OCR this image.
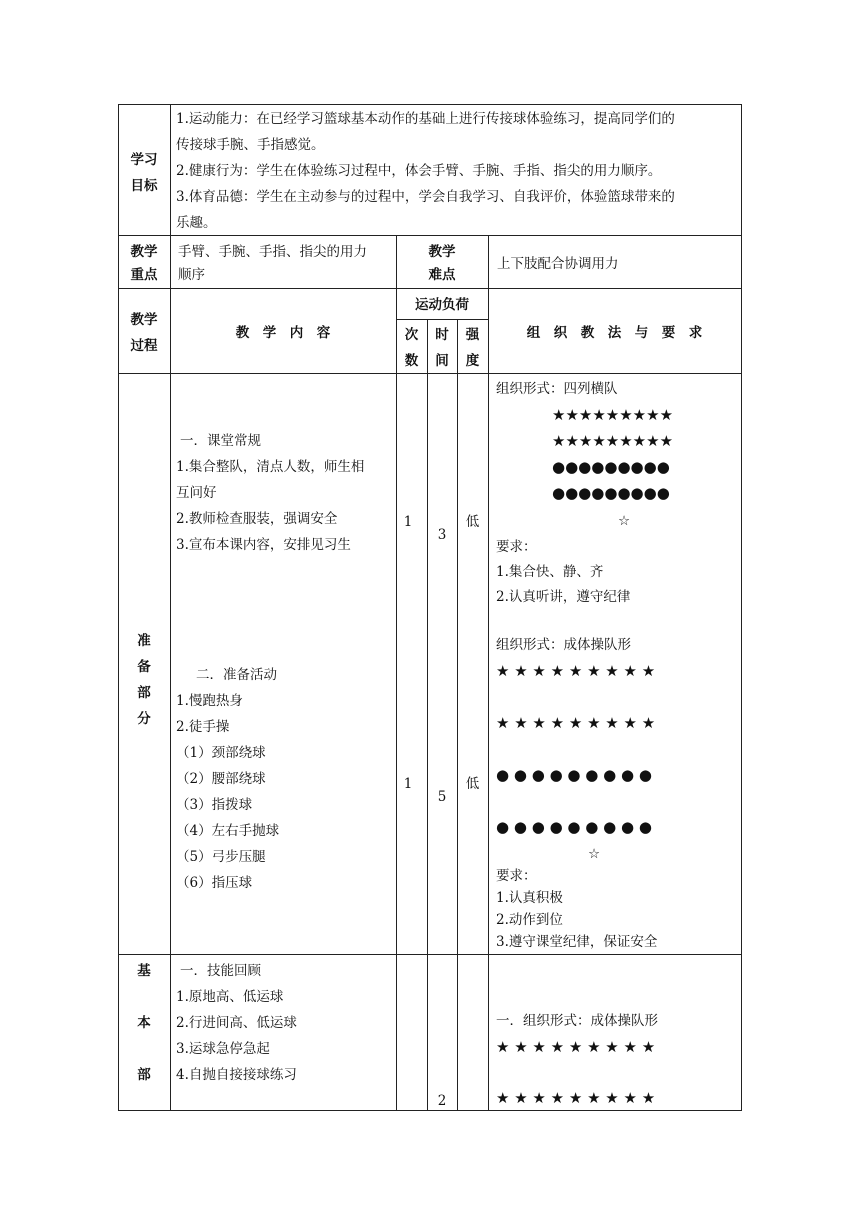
学习
目标
1.运动能力：在已经学习篮球基本动作的基础上进行传接球体验练习，提高同学们的
传接球手腕、手指感觉。
2.健康行为：学生在体验练习过程中，体会手臂、手腕、手指、指尖的用力顺序。
3.体育品德：学生在主动参与的过程中，学会自我学习、自我评价，体验篮球带来的
乐趣。
教学
重点
手臂、手腕、手指、指尖的用力
顺序
教学
难点
上下肢配合协调用力
教学
过程
教　学　内　容
运动负荷
次
数
时
间
强
度
组　织　教　法　与　要　求
准
备
部
分
一．课堂常规
1.集合整队，清点人数，师生相
互问好
2.教师检查服装，强调安全
3.宣布本课内容，安排见习生
1
3
低
组织形式：四列横队
★★★★★★★★★
★★★★★★★★★
●●●●●●●●●
●●●●●●●●●
☆
要求：
1.集合快、静、齐
2.认真听讲，遵守纪律
二．准备活动
1.慢跑热身
2.徒手操
（1）颈部绕球
（2）腰部绕球
（3）指拨球
（4）左右手抛球
（5）弓步压腿
（6）指压球
1
5
低
组织形式：成体操队形
★ ★ ★ ★ ★ ★ ★ ★ ★
★ ★ ★ ★ ★ ★ ★ ★ ★
● ● ● ● ● ● ● ● ●
● ● ● ● ● ● ● ● ●
☆
要求：
1.认真积极
2.动作到位
3.遵守课堂纪律，保证安全
基
本
部
一．技能回顾
1.原地高、低运球
2.行进间高、低运球
3.运球急停急起
4.自抛自接接球练习
2
一．组织形式：成体操队形
★ ★ ★ ★ ★ ★ ★ ★ ★
★ ★ ★ ★ ★ ★ ★ ★ ★
